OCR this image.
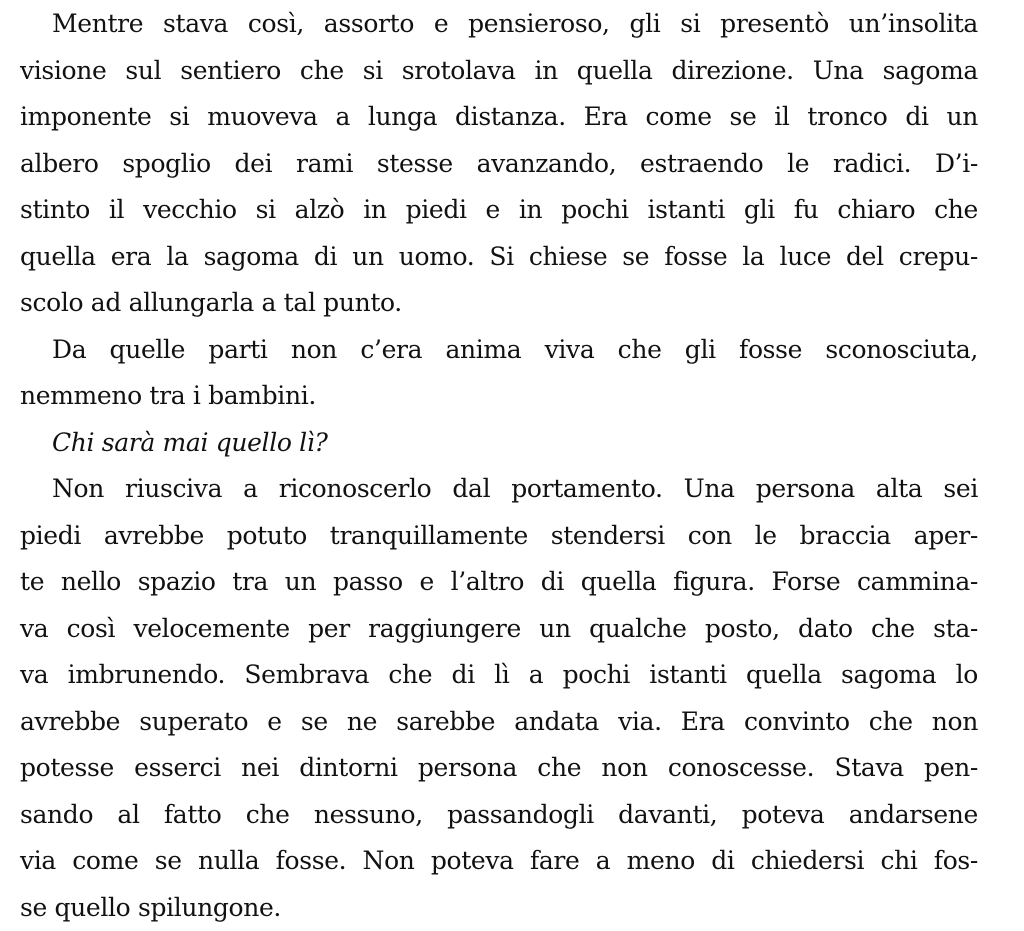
Mentre stava così, assorto e pensieroso, gli si presentò un’insolita
visione sul sentiero che si srotolava in quella direzione. Una sagoma
imponente si muoveva a lunga distanza. Era come se il tronco di un
albero spoglio dei rami stesse avanzando, estraendo le radici. D’i-
stinto il vecchio si alzò in piedi e in pochi istanti gli fu chiaro che
quella era la sagoma di un uomo. Si chiese se fosse la luce del crepu-
scolo ad allungarla a tal punto.
Da quelle parti non c’era anima viva che gli fosse sconosciuta,
nemmeno tra i bambini.
Chi sarà mai quello lì?
Non riusciva a riconoscerlo dal portamento. Una persona alta sei
piedi avrebbe potuto tranquillamente stendersi con le braccia aper-
te nello spazio tra un passo e l’altro di quella figura. Forse cammina-
va così velocemente per raggiungere un qualche posto, dato che sta-
va imbrunendo. Sembrava che di lì a pochi istanti quella sagoma lo
avrebbe superato e se ne sarebbe andata via. Era convinto che non
potesse esserci nei dintorni persona che non conoscesse. Stava pen-
sando al fatto che nessuno, passandogli davanti, poteva andarsene
via come se nulla fosse. Non poteva fare a meno di chiedersi chi fos-
se quello spilungone.
